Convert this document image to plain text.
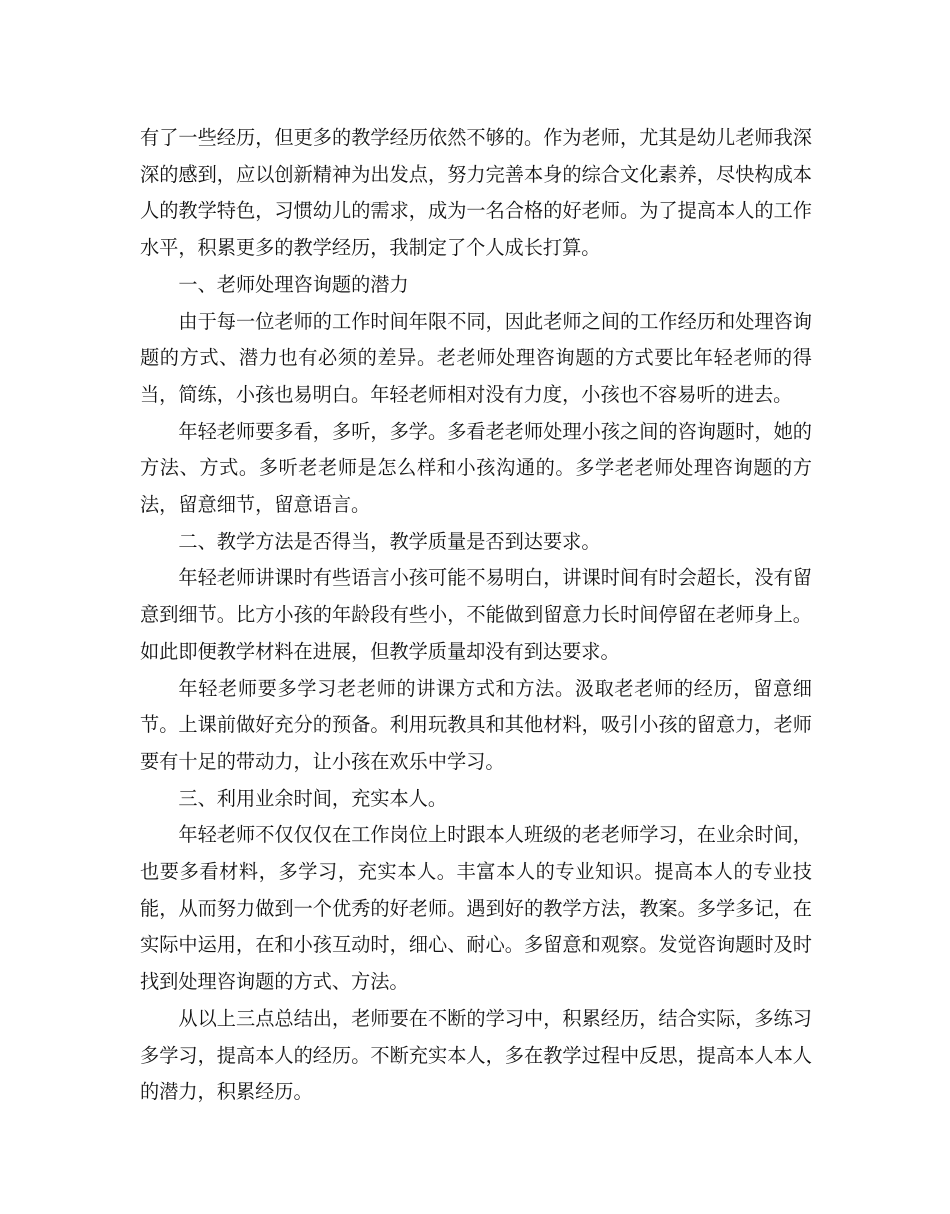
有了一些经历，但更多的教学经历依然不够的。作为老师，尤其是幼儿老师我深深的感到，应以创新精神为出发点，努力完善本身的综合文化素养，尽快构成本人的教学特色，习惯幼儿的需求，成为一名合格的好老师。为了提高本人的工作水平，积累更多的教学经历，我制定了个人成长打算。

一、老师处理咨询题的潜力

由于每一位老师的工作时间年限不同，因此老师之间的工作经历和处理咨询题的方式、潜力也有必须的差异。老老师处理咨询题的方式要比年轻老师的得当，简练，小孩也易明白。年轻老师相对没有力度，小孩也不容易听的进去。

年轻老师要多看，多听，多学。多看老老师处理小孩之间的咨询题时，她的方法、方式。多听老老师是怎么样和小孩沟通的。多学老老师处理咨询题的方法，留意细节，留意语言。

二、教学方法是否得当，教学质量是否到达要求。

年轻老师讲课时有些语言小孩可能不易明白，讲课时间有时会超长，没有留意到细节。比方小孩的年龄段有些小，不能做到留意力长时间停留在老师身上。如此即便教学材料在进展，但教学质量却没有到达要求。

年轻老师要多学习老老师的讲课方式和方法。汲取老老师的经历，留意细节。上课前做好充分的预备。利用玩教具和其他材料，吸引小孩的留意力，老师要有十足的带动力，让小孩在欢乐中学习。

三、利用业余时间，充实本人。

年轻老师不仅仅仅在工作岗位上时跟本人班级的老老师学习，在业余时间，也要多看材料，多学习，充实本人。丰富本人的专业知识。提高本人的专业技能，从而努力做到一个优秀的好老师。遇到好的教学方法，教案。多学多记，在实际中运用，在和小孩互动时，细心、耐心。多留意和观察。发觉咨询题时及时找到处理咨询题的方式、方法。

从以上三点总结出，老师要在不断的学习中，积累经历，结合实际，多练习多学习，提高本人的经历。不断充实本人，多在教学过程中反思，提高本人本人的潜力，积累经历。
